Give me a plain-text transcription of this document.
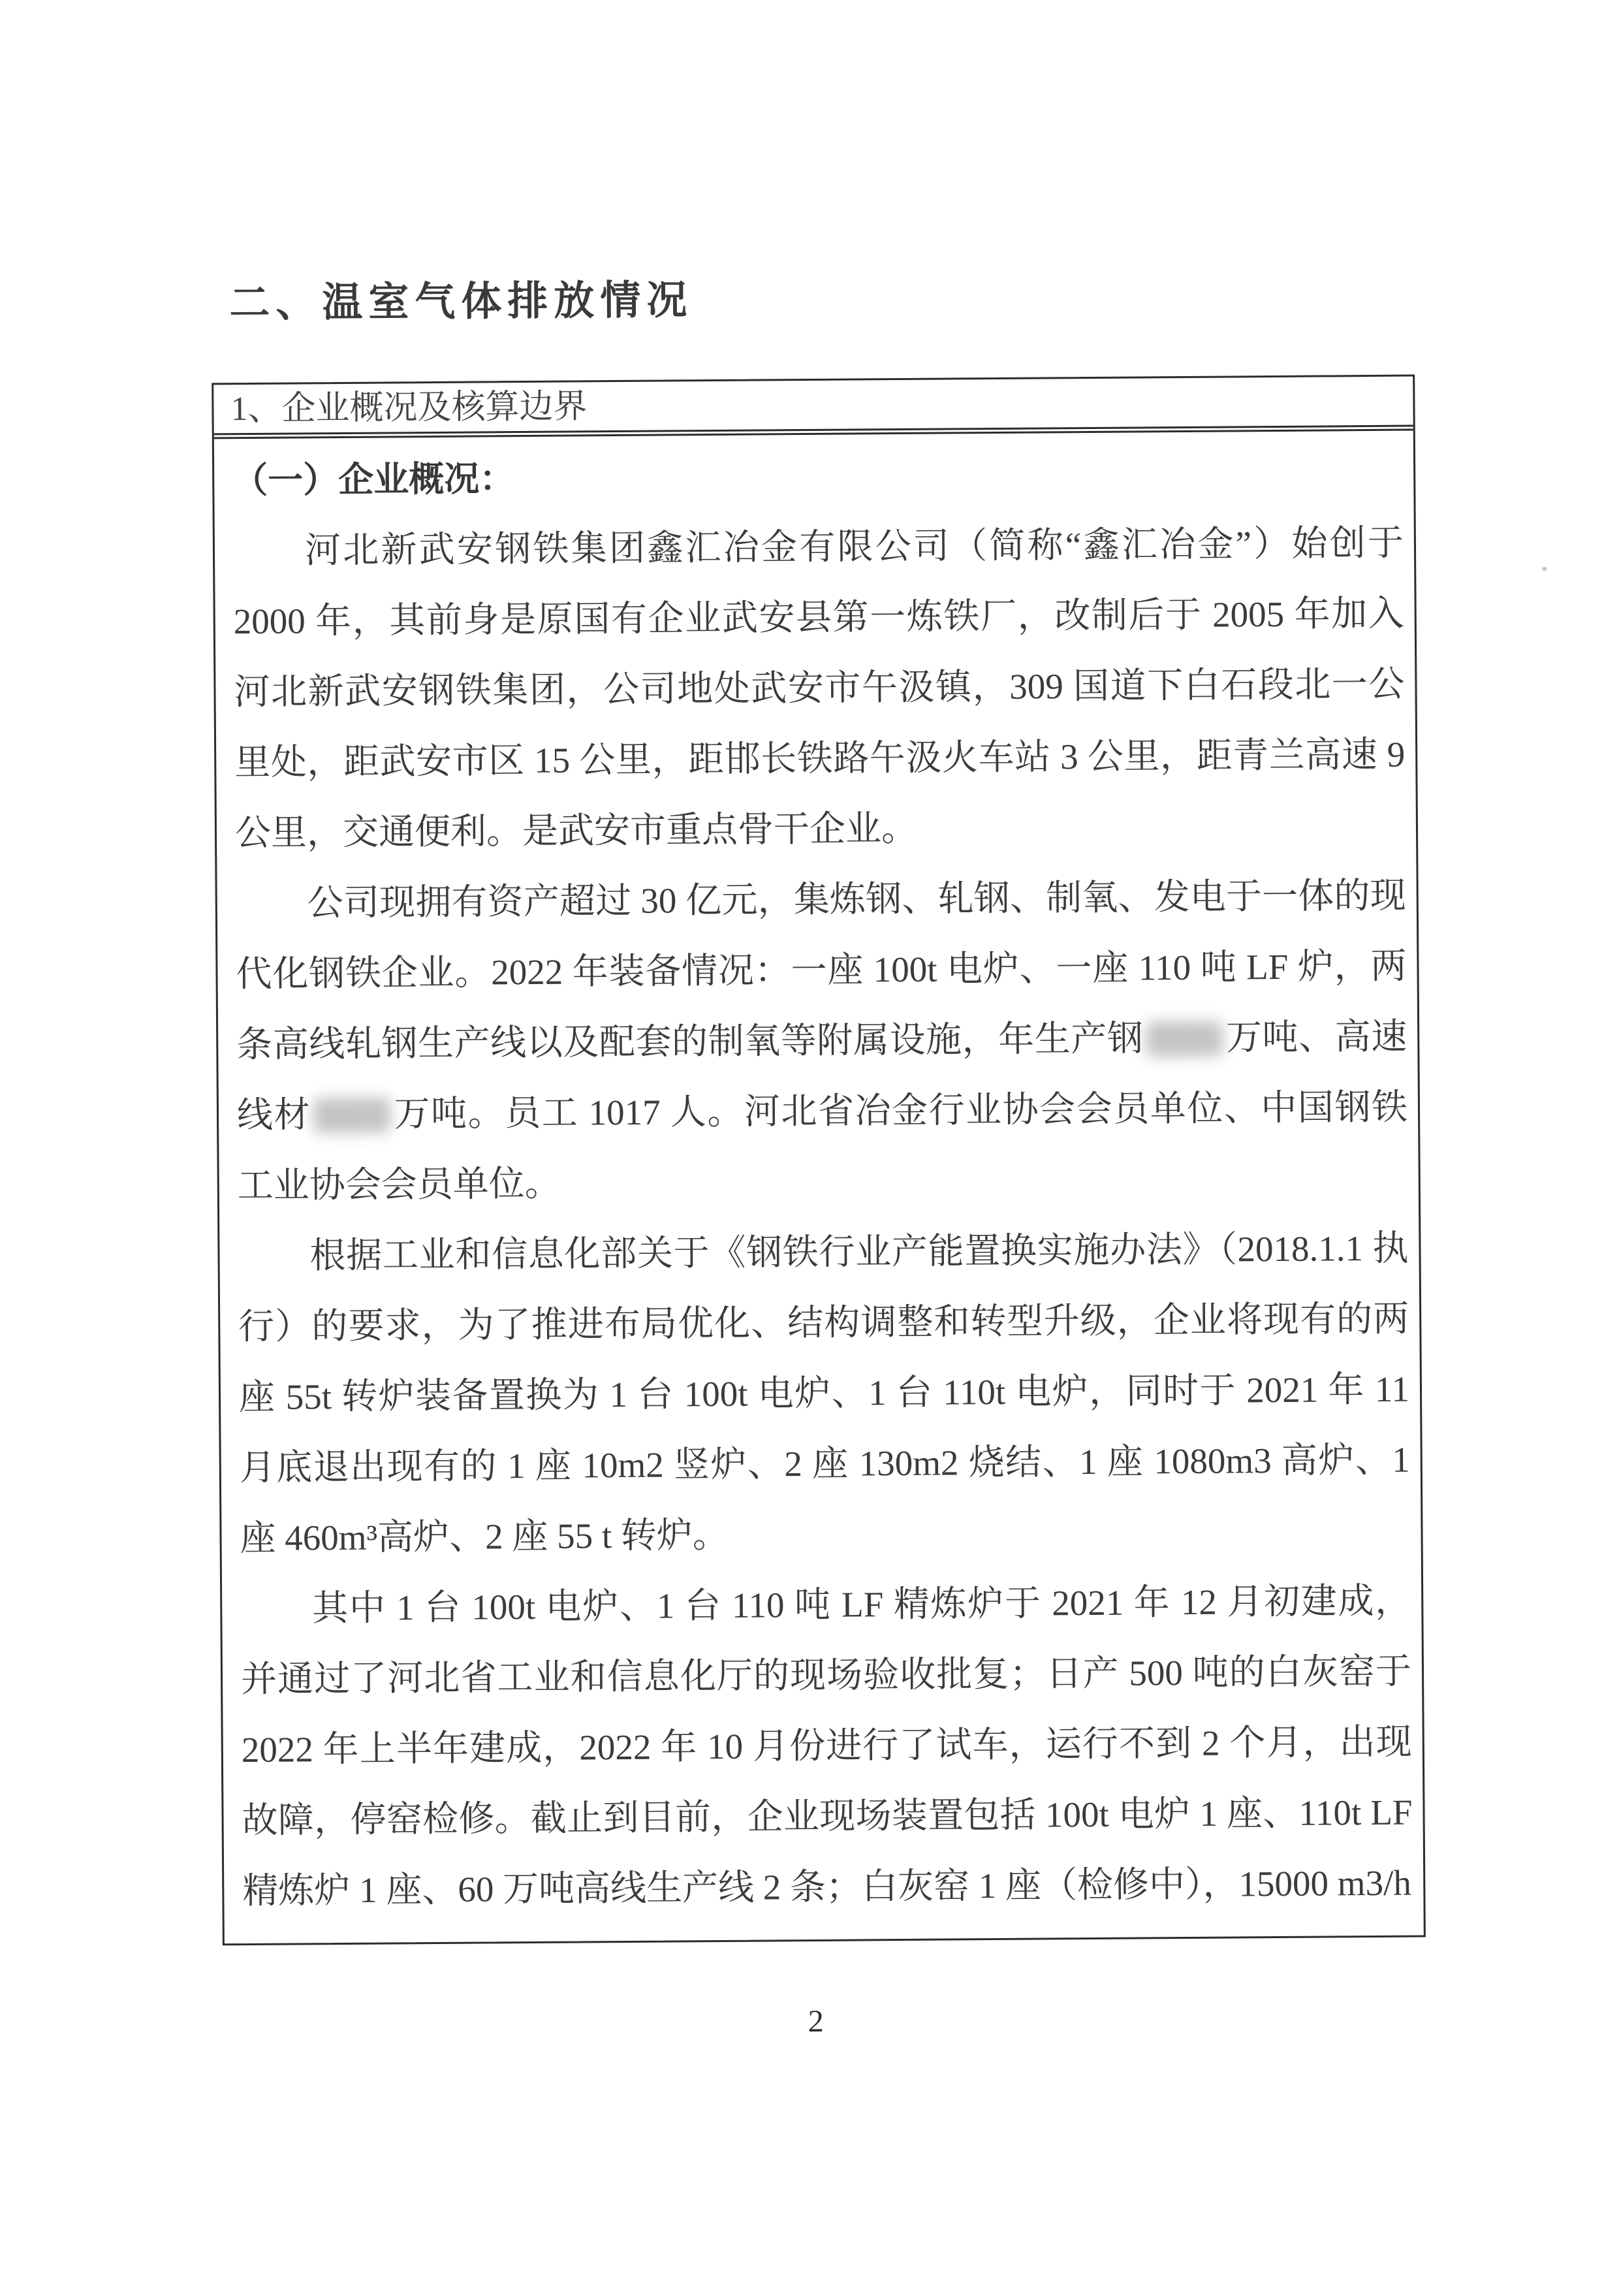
二、温室气体排放情况
1、企业概况及核算边界

（一）企业概况：

河北新武安钢铁集团鑫汇冶金有限公司（简称“鑫汇冶金”）始创于 2000 年，其前身是原国有企业武安县第一炼铁厂，改制后于 2005 年加入河北新武安钢铁集团，公司地处武安市午汲镇，309 国道下白石段北一公里处，距武安市区 15 公里，距邯长铁路午汲火车站 3 公里，距青兰高速 9 公里，交通便利。是武安市重点骨干企业。

公司现拥有资产超过 30 亿元，集炼钢、轧钢、制氧、发电于一体的现代化钢铁企业。2022 年装备情况：一座 100t 电炉、一座 110 吨 LF 炉，两条高线轧钢生产线以及配套的制氧等附属设施，年生产钢 万吨、高速线材 万吨。员工 1017 人。河北省冶金行业协会会员单位、中国钢铁工业协会会员单位。

根据工业和信息化部关于《钢铁行业产能置换实施办法》（2018.1.1 执行）的要求，为了推进布局优化、结构调整和转型升级，企业将现有的两座 55t 转炉装备置换为 1 台 100t 电炉、1 台 110t 电炉，同时于 2021 年 11 月底退出现有的 1 座 10m2 竖炉、2 座 130m2 烧结、1 座 1080m3 高炉、1 座 460m³高炉、2 座 55 t 转炉。

其中 1 台 100t 电炉、1 台 110 吨 LF 精炼炉于 2021 年 12 月初建成，并通过了河北省工业和信息化厅的现场验收批复；日产 500 吨的白灰窑于 2022 年上半年建成，2022 年 10 月份进行了试车，运行不到 2 个月，出现故障，停窑检修。截止到目前，企业现场装置包括 100t 电炉 1 座、110t LF 精炼炉 1 座、60 万吨高线生产线 2 条；白灰窑 1 座（检修中），15000 m3/h

2
